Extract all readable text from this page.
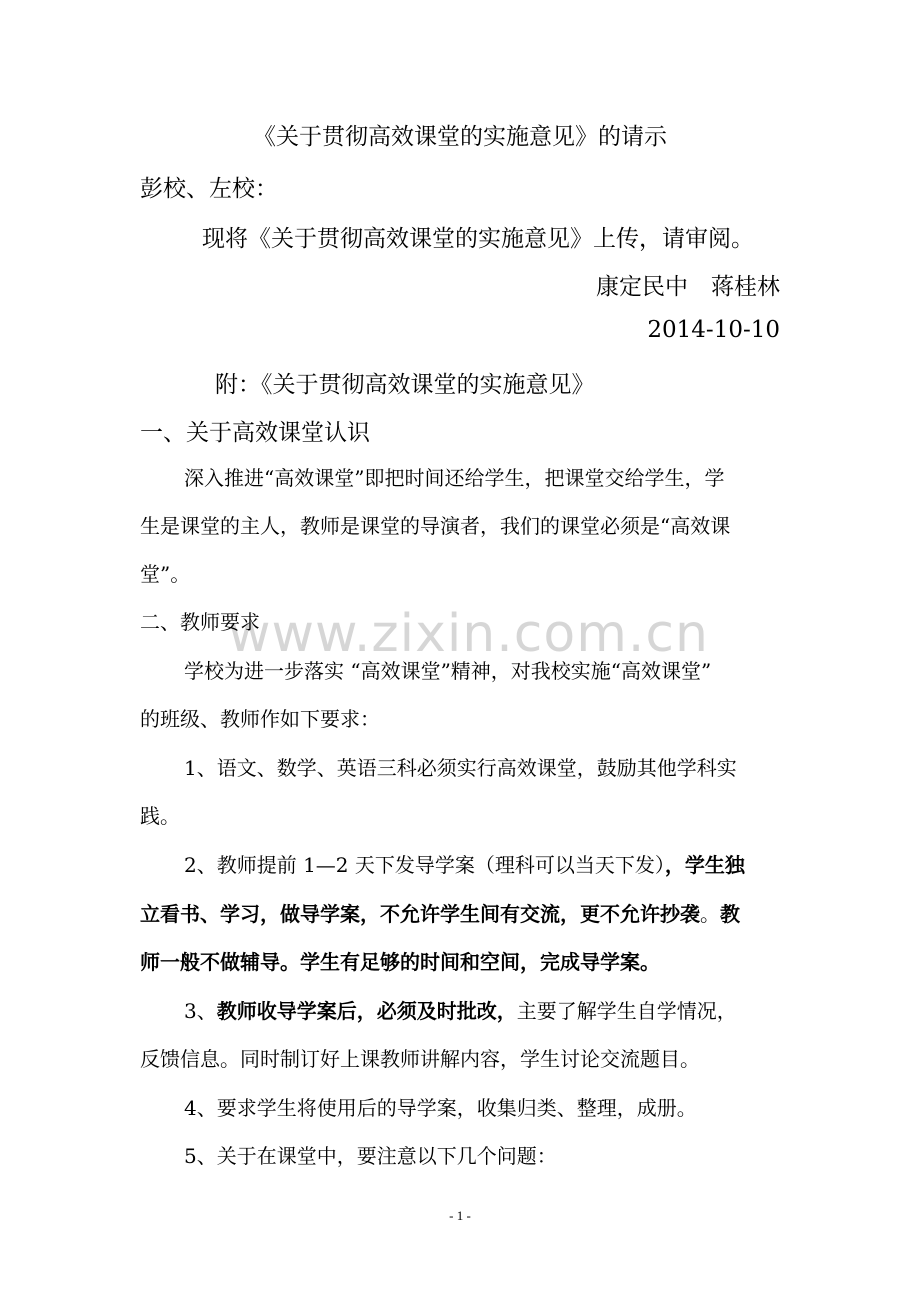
www.zixin.com.cn
《关于贯彻高效课堂的实施意见》的请示
彭校、左校：
现将《关于贯彻高效课堂的实施意见》上传，请审阅。
康定民中　蒋桂林
2014-10-10
附：《关于贯彻高效课堂的实施意见》
一、关于高效课堂认识
深入推进“高效课堂”即把时间还给学生，把课堂交给学生，学
生是课堂的主人，教师是课堂的导演者，我们的课堂必须是“高效课
堂”。
二、教师要求
学校为进一步落实 “高效课堂”精神，对我校实施“高效课堂”
的班级、教师作如下要求：
1、语文、数学、英语三科必须实行高效课堂，鼓励其他学科实
践。
2、教师提前 1—2 天下发导学案（理科可以当天下发），学生独
立看书、学习，做导学案，不允许学生间有交流，更不允许抄袭。教
师一般不做辅导。学生有足够的时间和空间，完成导学案。
3、教师收导学案后，必须及时批改，主要了解学生自学情况，
反馈信息。同时制订好上课教师讲解内容，学生讨论交流题目。
4、要求学生将使用后的导学案，收集归类、整理，成册。
5、关于在课堂中，要注意以下几个问题：
- 1 -
